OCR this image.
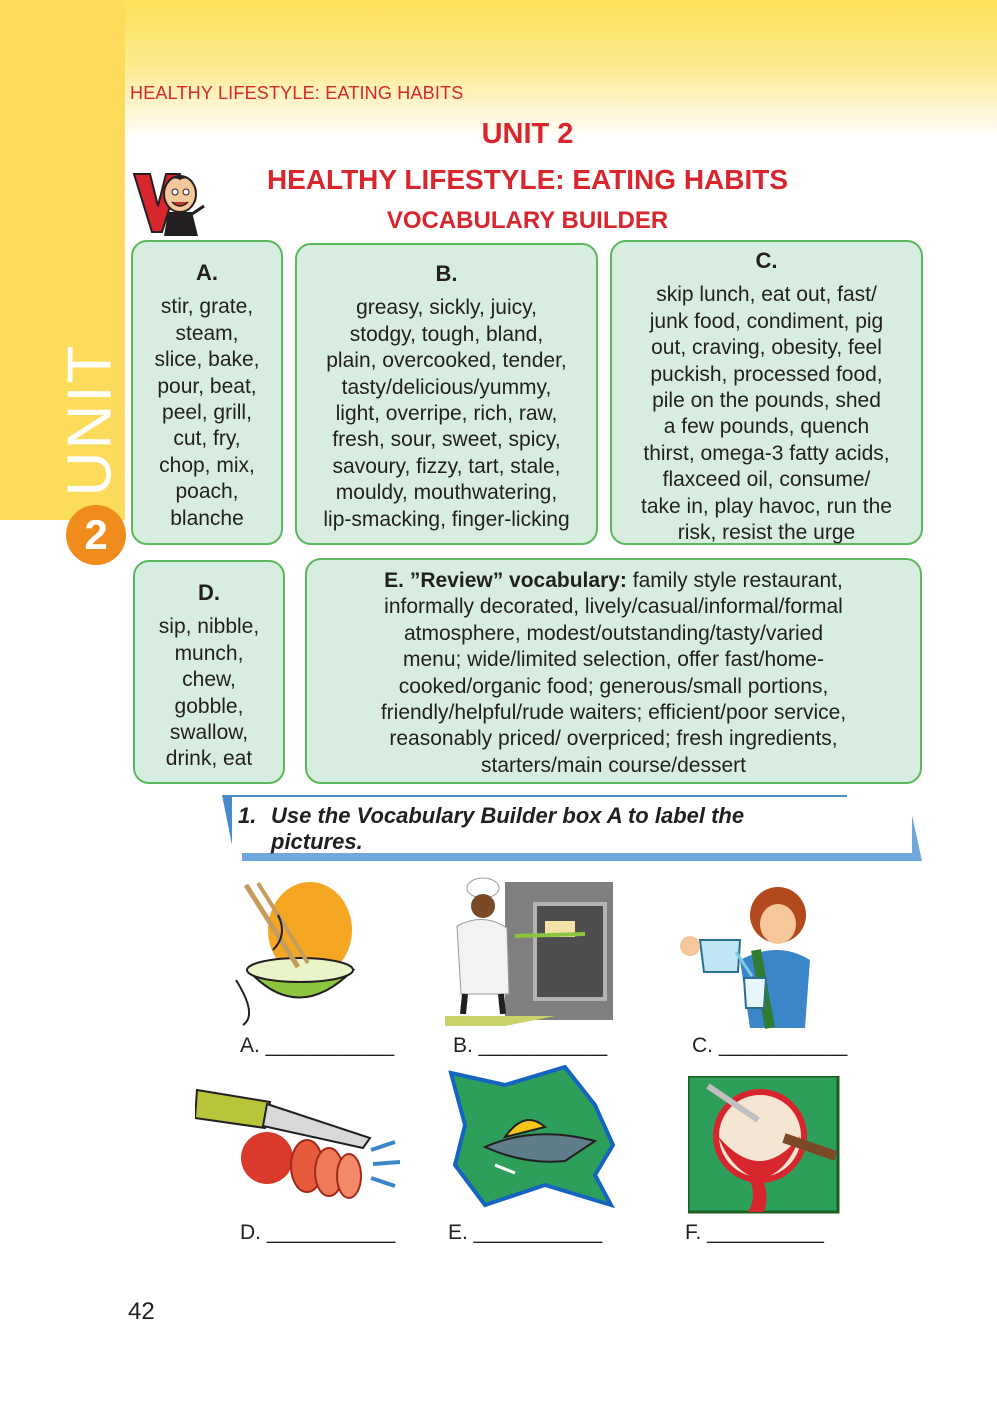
HEALTHY LIFESTYLE: EATING HABITS
UNIT 2
HEALTHY LIFESTYLE: EATING HABITS
VOCABULARY BUILDER
UNIT
2
A.
stir, grate,
steam,
slice, bake,
pour, beat,
peel, grill,
cut, fry,
chop, mix,
poach,
blanche
B.
greasy, sickly, juicy,
stodgy, tough, bland,
plain, overcooked, tender,
tasty/delicious/yummy,
light, overripe, rich, raw,
fresh, sour, sweet, spicy,
savoury, fizzy, tart, stale,
mouldy, mouthwatering,
lip-smacking, finger-licking
C.
skip lunch, eat out, fast/
junk food, condiment, pig
out, craving, obesity, feel
puckish, processed food,
pile on the pounds, shed
a few pounds, quench
thirst, omega-3 fatty acids,
flaxceed oil, consume/
take in, play havoc, run the
risk, resist the urge
D.
sip, nibble,
munch,
chew,
gobble,
swallow,
drink, eat
E. ”Review” vocabulary: family style restaurant,
informally decorated, lively/casual/informal/formal
atmosphere, modest/outstanding/tasty/varied
menu; wide/limited selection, offer fast/home-
cooked/organic food; generous/small portions,
friendly/helpful/rude waiters; efficient/poor service,
reasonably priced/ overpriced; fresh ingredients,
starters/main course/dessert
1. Use the Vocabulary Builder box A to label the
pictures.
A. ___________	B. ___________	C. ___________
D. ___________	E. ___________	F. __________
42
